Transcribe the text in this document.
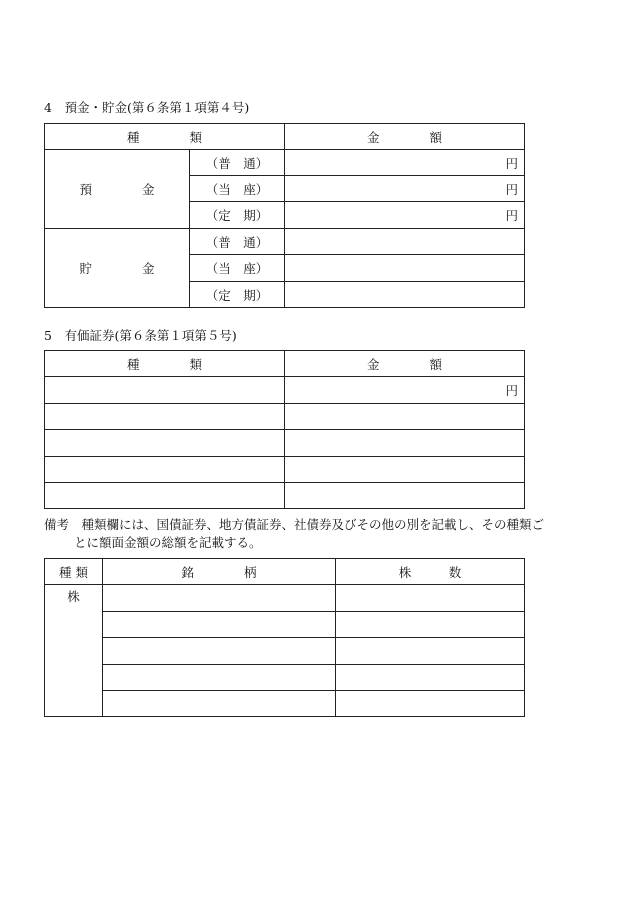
4　預金・貯金(第６条第１項第４号)
種　　　　類		金　　　　額
預　　　　金	（普　通）	円
	（当　座）	円
	（定　期）	円
貯　　　　金	（普　通）	
	（当　座）	
	（定　期）	
5　有価証券(第６条第１項第５号)
種　　　　類	金　　　　額
	円

備考　種類欄には、国債証券、地方債証券、社債券及びその他の別を記載し、その種類ご
とに額面金額の総額を記載する。
種 類	銘　　　　柄	株　　　数
株		
